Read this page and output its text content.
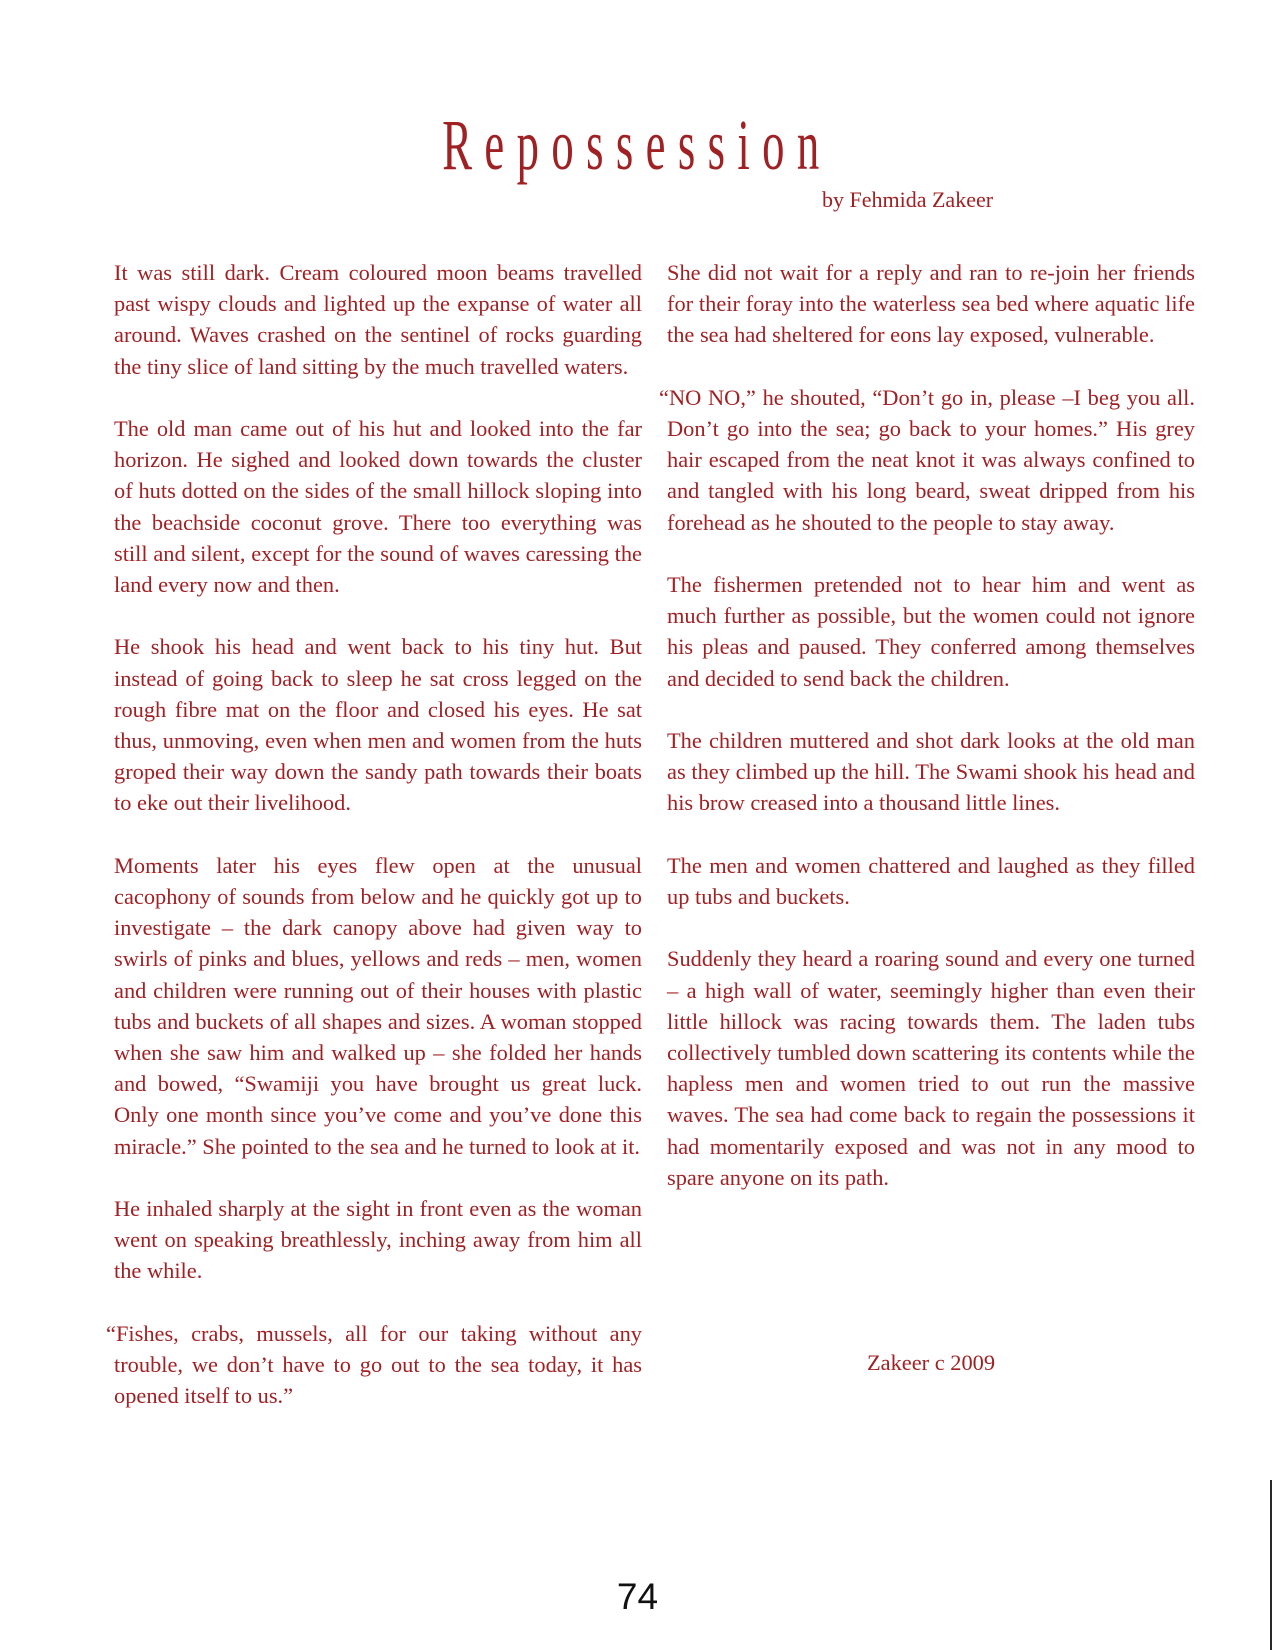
Repossession

by Fehmida Zakeer

It was still dark. Cream coloured moon beams travelled past wispy clouds and lighted up the expanse of water all around. Waves crashed on the sentinel of rocks guarding the tiny slice of land sitting by the much travelled waters.

The old man came out of his hut and looked into the far horizon. He sighed and looked down towards the cluster of huts dotted on the sides of the small hillock sloping into the beachside coconut grove. There too everything was still and silent, except for the sound of waves caressing the land every now and then.

He shook his head and went back to his tiny hut. But instead of going back to sleep he sat cross legged on the rough fibre mat on the floor and closed his eyes. He sat thus, unmoving, even when men and women from the huts groped their way down the sandy path towards their boats to eke out their livelihood.

Moments later his eyes flew open at the unusual cacophony of sounds from below and he quickly got up to investigate – the dark canopy above had given way to swirls of pinks and blues, yellows and reds – men, women and children were running out of their houses with plastic tubs and buckets of all shapes and sizes. A woman stopped when she saw him and walked up – she folded her hands and bowed, “Swamiji you have brought us great luck. Only one month since you’ve come and you’ve done this miracle.” She pointed to the sea and he turned to look at it.

He inhaled sharply at the sight in front even as the woman went on speaking breathlessly, inching away from him all the while.

“Fishes, crabs, mussels, all for our taking without any trouble, we don’t have to go out to the sea today, it has opened itself to us.”

She did not wait for a reply and ran to re-join her friends for their foray into the waterless sea bed where aquatic life the sea had sheltered for eons lay exposed, vulnerable.

“NO NO,” he shouted, “Don’t go in, please –I beg you all. Don’t go into the sea; go back to your homes.” His grey hair escaped from the neat knot it was always confined to and tangled with his long beard, sweat dripped from his forehead as he shouted to the people to stay away.

The fishermen pretended not to hear him and went as much further as possible, but the women could not ignore his pleas and paused. They conferred among themselves and decided to send back the children.

The children muttered and shot dark looks at the old man as they climbed up the hill. The Swami shook his head and his brow creased into a thousand little lines.

The men and women chattered and laughed as they filled up tubs and buckets.

Suddenly they heard a roaring sound and every one turned – a high wall of water, seemingly higher than even their little hillock was racing towards them. The laden tubs collectively tumbled down scattering its contents while the hapless men and women tried to out run the massive waves. The sea had come back to regain the possessions it had momentarily exposed and was not in any mood to spare anyone on its path.

Zakeer c 2009

74
